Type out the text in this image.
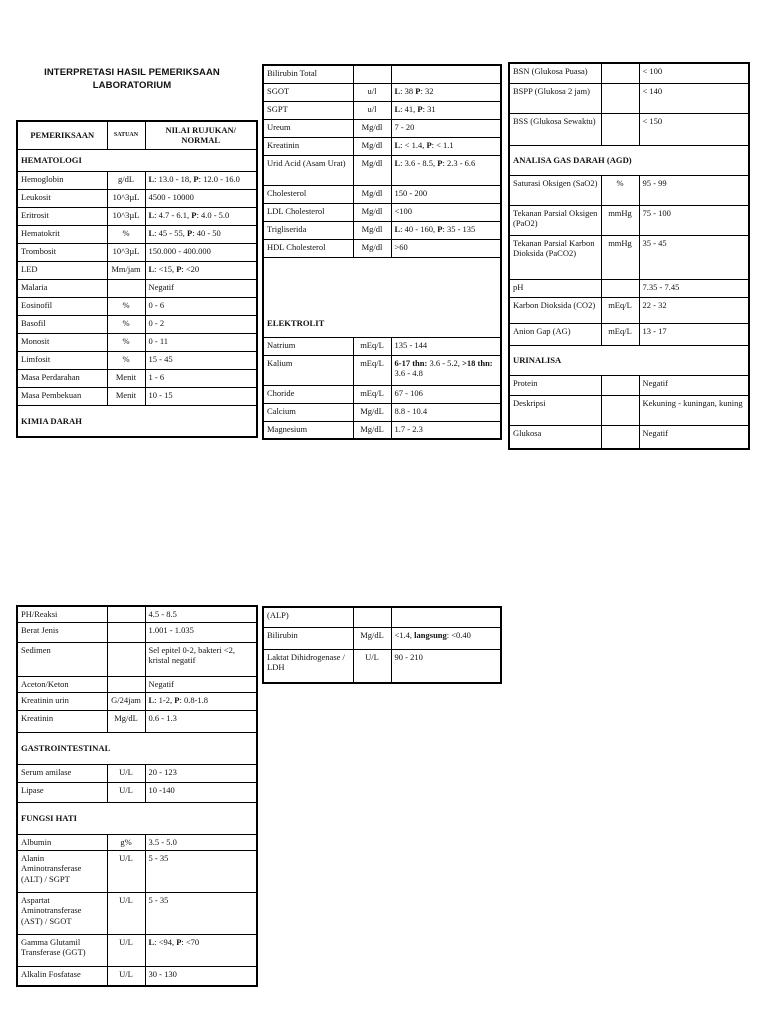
INTERPRETASI HASIL PEMERIKSAAN
LABORATORIUM
PEMERIKSAAN	SATUAN	NILAI RUJUKAN/
NORMAL
HEMATOLOGI		
Hemoglobin	g/dL	L: 13.0 - 18, P: 12.0 - 16.0
Leukosit	10^3µL	4500 - 10000
Eritrosit	10^3µL	L: 4.7 - 6.1, P: 4.0 - 5.0
Hematokrit	%	L: 45 - 55, P: 40 - 50
Trombosit	10^3µL	150.000 - 400.000
LED	Mm/jam	L: <15, P: <20
Malaria		Negatif
Eosinofil	%	0 - 6
Basofil	%	0 - 2
Monosit	%	0 - 11
Limfosit	%	15 - 45
Masa Perdarahan	Menit	1 - 6
Masa Pembekuan	Menit	10 - 15
KIMIA DARAH		
Bilirubin Total		
SGOT	u/l	L: 38 P: 32
SGPT	u/l	L: 41, P: 31
Ureum	Mg/dl	7 - 20
Kreatinin	Mg/dl	L: < 1.4, P: < 1.1
Urid Acid (Asam Urat)	Mg/dl	L: 3.6 - 8.5, P: 2.3 - 6.6
Cholesterol	Mg/dl	150 - 200
LDL Cholesterol	Mg/dl	<100
Trigliserida	Mg/dl	L: 40 - 160, P: 35 - 135
HDL Cholesterol	Mg/dl	>60
ELEKTROLIT		
Natrium	mEq/L	135 - 144
Kalium	mEq/L	6-17 thn: 3.6 - 5.2, >18 thn: 3.6 - 4.8
Choride	mEq/L	67 - 106
Calcium	Mg/dL	8.8 - 10.4
Magnesium	Mg/dL	1.7 - 2.3
BSN (Glukosa Puasa)		< 100
BSPP (Glukosa 2 jam)		< 140
BSS (Glukosa Sewaktu)		< 150
ANALISA GAS DARAH (AGD)		
Saturasi Oksigen (SaO2)	%	95 - 99
Tekanan Parsial Oksigen (PaO2)	mmHg	75 - 100
Tekanan Parsial Karbon Dioksida (PaCO2)	mmHg	35 - 45
pH		7.35 - 7.45
Karbon Dioksida (CO2)	mEq/L	22 - 32
Anion Gap (AG)	mEq/L	13 - 17
URINALISA		
Protein		Negatif
Deskripsi		Kekuning - kuningan, kuning
Glukosa		Negatif
PH/Reaksi		4.5 - 8.5
Berat Jenis		1.001 - 1.035
Sedimen		Sel epitel 0-2, bakteri <2, kristal negatif
Aceton/Keton		Negatif
Kreatinin urin	G/24jam	L: 1-2, P: 0.8-1.8
Kreatinin	Mg/dL	0.6 - 1.3
GASTROINTESTINAL		
Serum amilase	U/L	20 - 123
Lipase	U/L	10 -140
FUNGSI HATI		
Albumin	g%	3.5 - 5.0
Alanin Aminotransferase (ALT) / SGPT	U/L	5 - 35
Aspartat Aminotransferase (AST) / SGOT	U/L	5 - 35
Gamma Glutamil Transferase (GGT)	U/L	L: <94, P: <70
Alkalin Fosfatase	U/L	30 - 130
(ALP)		
Bilirubin	Mg/dL	<1.4, langsung: <0.40
Laktat Dihidrogenase / LDH	U/L	90 - 210
